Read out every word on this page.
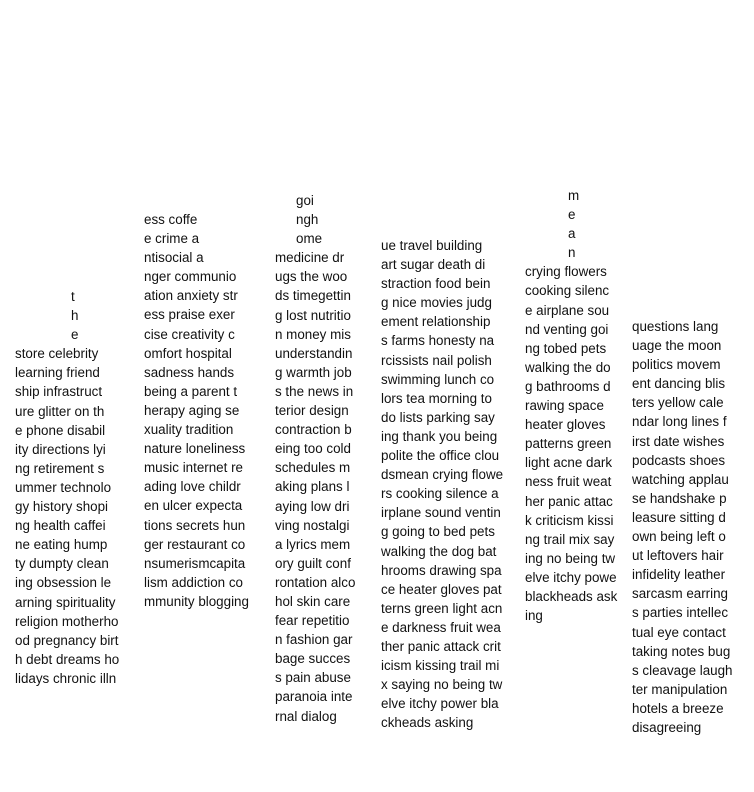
t
h
e
store celebrity
learning friend
ship infrastruct
ure glitter on th
e phone disabil
ity directions lyi
ng retirement s
ummer technolo
gy history shopi
ng health caffei
ne eating hump
ty dumpty clean
ing obsession le
arning spirituality
religion motherho
od pregnancy birt
h debt dreams ho
lidays chronic illn
ess coffe
e crime a
ntisocial a
nger communio
ation anxiety str
ess praise exer
cise creativity c
omfort hospital
sadness hands
being a parent t
herapy aging se
xuality tradition
nature loneliness
music internet re
ading love childr
en ulcer expecta
tions secrets hun
ger restaurant co
nsumerismcapita
lism addiction co
mmunity blogging
goi
ngh
ome
medicine dr
ugs the woo
ds timegettin
g lost nutritio
n money mis
understandin
g warmth job
s the news in
terior design
contraction b
eing too cold
schedules m
aking plans l
aying low dri
ving nostalgi
a lyrics mem
ory guilt conf
rontation alco
hol skin care
fear repetitio
n fashion gar
bage succes
s pain abuse
paranoia inte
rnal dialog
ue travel building
art sugar death di
straction food bein
g nice movies judg
ement relationship
s farms honesty na
rcissists nail polish
swimming lunch co
lors tea morning to
do lists parking say
ing thank you being
polite the office clou
dsmean crying flowe
rs cooking silence a
irplane sound ventin
g going to bed pets
walking the dog bat
hrooms drawing spa
ce heater gloves pat
terns green light acn
e darkness fruit wea
ther panic attack crit
icism kissing trail mi
x saying no being tw
elve itchy power bla
ckheads asking
m
e
a
n
crying flowers
cooking silenc
e airplane sou
nd venting goi
ng tobed pets
walking the do
g bathrooms d
rawing space
heater gloves
patterns green
light acne dark
ness fruit weat
her panic attac
k criticism kissi
ng trail mix say
ing no being tw
elve itchy powe
blackheads ask
ing
questions lang
uage the moon
politics movem
ent dancing blis
ters yellow cale
ndar long lines f
irst date wishes
podcasts shoes
watching applau
se handshake p
leasure sitting d
own being left o
ut leftovers hair
infidelity leather
sarcasm earring
s parties intellec
tual eye contact
taking notes bug
s cleavage laugh
ter manipulation
hotels a breeze
disagreeing
